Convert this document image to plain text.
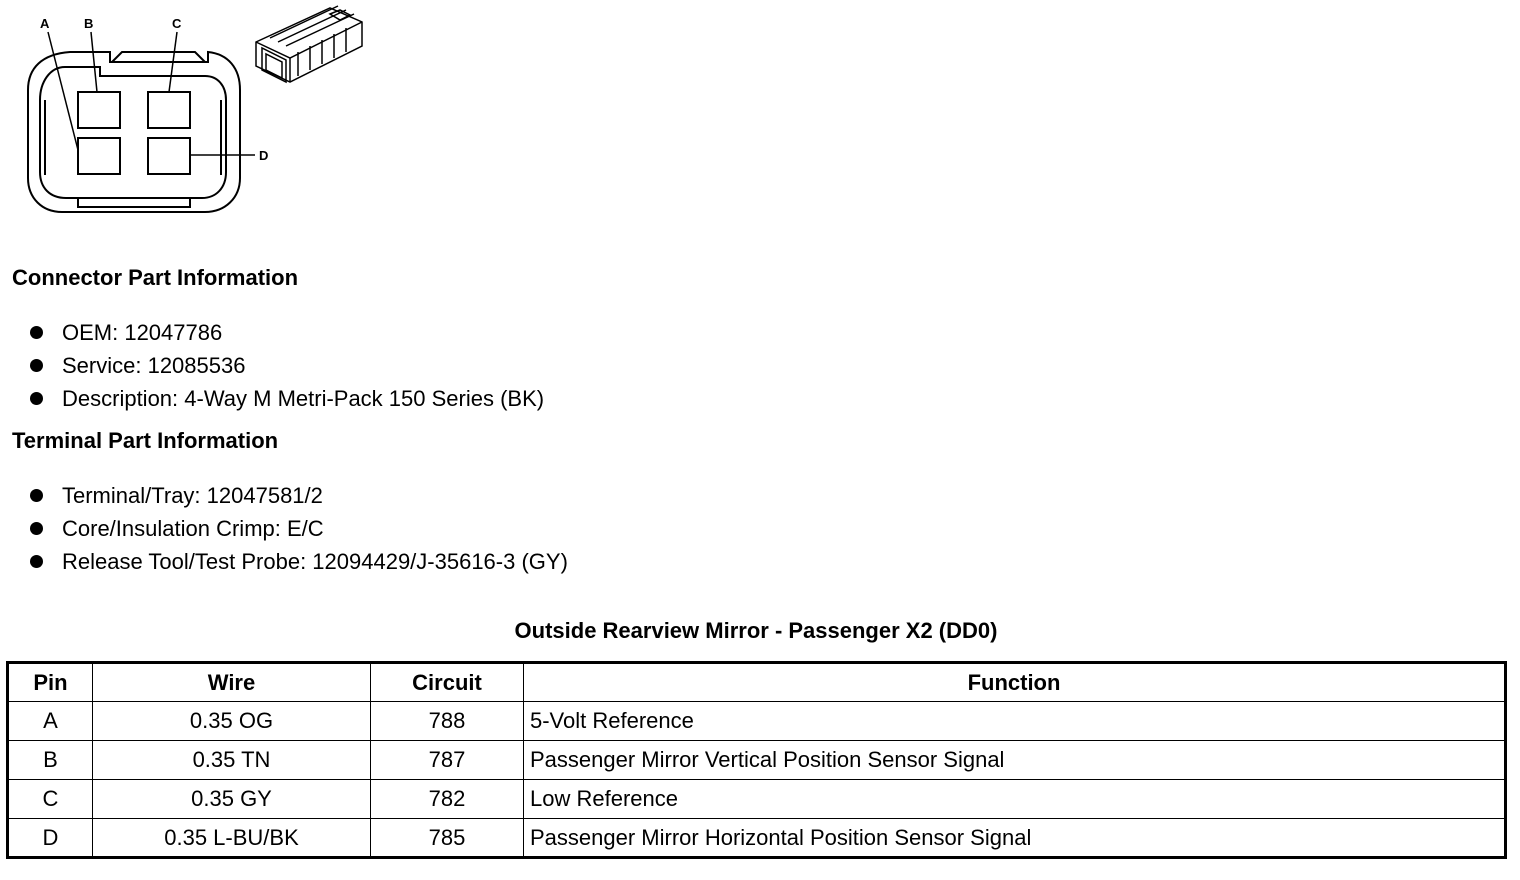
A	B	C
D
Connector Part Information
OEM: 12047786
Service: 12085536
Description: 4-Way M Metri-Pack 150 Series (BK)
Terminal Part Information
Terminal/Tray: 12047581/2
Core/Insulation Crimp: E/C
Release Tool/Test Probe: 12094429/J-35616-3 (GY)
Outside Rearview Mirror - Passenger X2 (DD0)
Pin	Wire	Circuit	Function
A	0.35 OG	788	5-Volt Reference
B	0.35 TN	787	Passenger Mirror Vertical Position Sensor Signal
C	0.35 GY	782	Low Reference
D	0.35 L-BU/BK	785	Passenger Mirror Horizontal Position Sensor Signal
